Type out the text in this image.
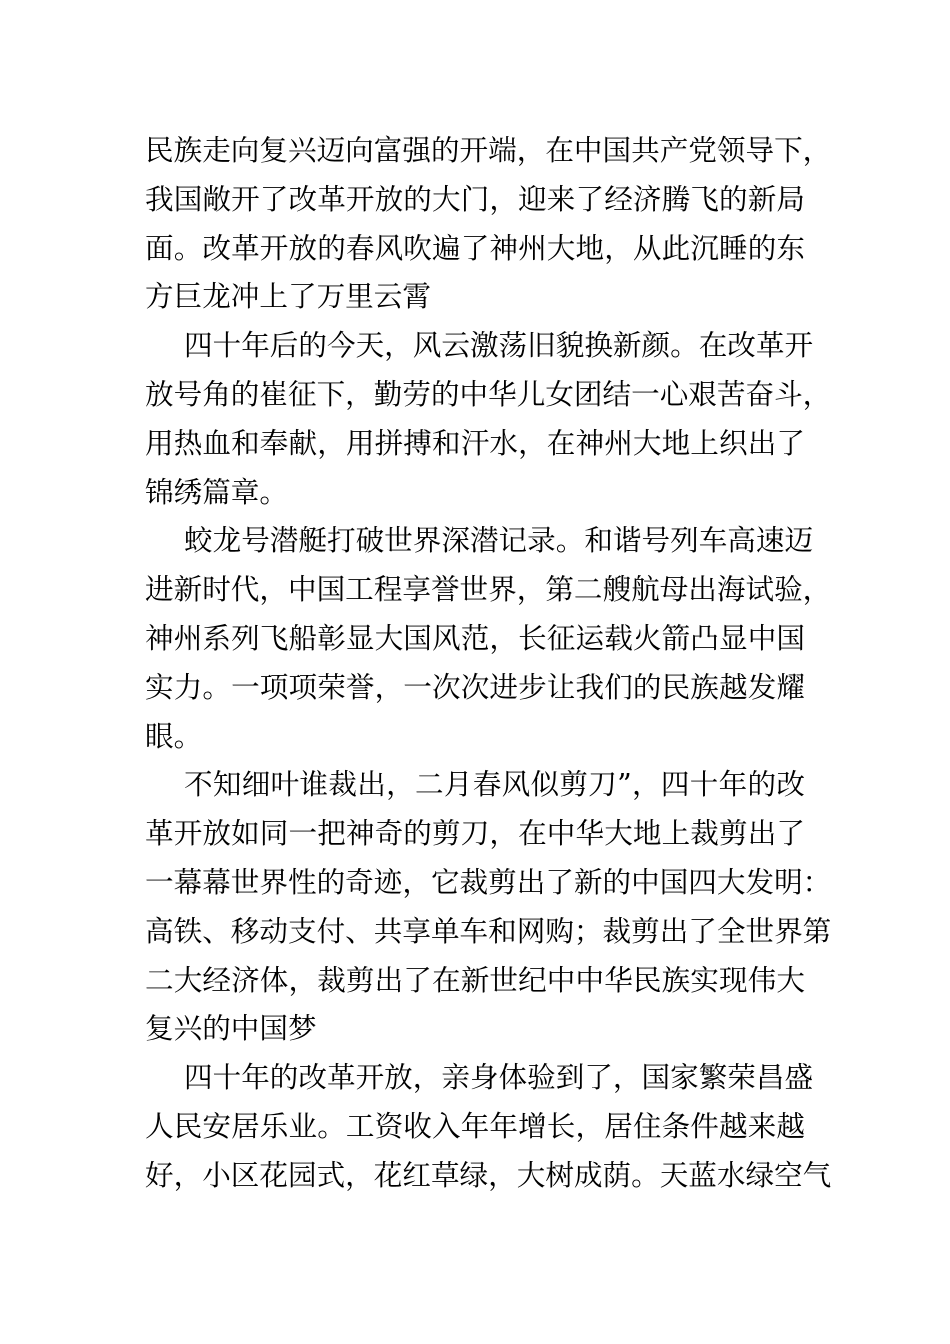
民族走向复兴迈向富强的开端，在中国共产党领导下，
我国敞开了改革开放的大门，迎来了经济腾飞的新局
面。改革开放的春风吹遍了神州大地，从此沉睡的东
方巨龙冲上了万里云霄
四十年后的今天，风云激荡旧貌换新颜。在改革开
放号角的崔征下，勤劳的中华儿女团结一心艰苦奋斗，
用热血和奉献，用拼搏和汗水，在神州大地上织出了
锦绣篇章。
蛟龙号潜艇打破世界深潜记录。和谐号列车高速迈
进新时代，中国工程享誉世界，第二艘航母出海试验，
神州系列飞船彰显大国风范，长征运载火箭凸显中国
实力。一项项荣誉，一次次进步让我们的民族越发耀
眼。
不知细叶谁裁出，二月春风似剪刀”，四十年的改
革开放如同一把神奇的剪刀，在中华大地上裁剪出了
一幕幕世界性的奇迹，它裁剪出了新的中国四大发明：
高铁、移动支付、共享单车和网购；裁剪出了全世界第
二大经济体，裁剪出了在新世纪中中华民族实现伟大
复兴的中国梦
四十年的改革开放，亲身体验到了，国家繁荣昌盛
人民安居乐业。工资收入年年增长，居住条件越来越
好，小区花园式，花红草绿，大树成荫。天蓝水绿空气
